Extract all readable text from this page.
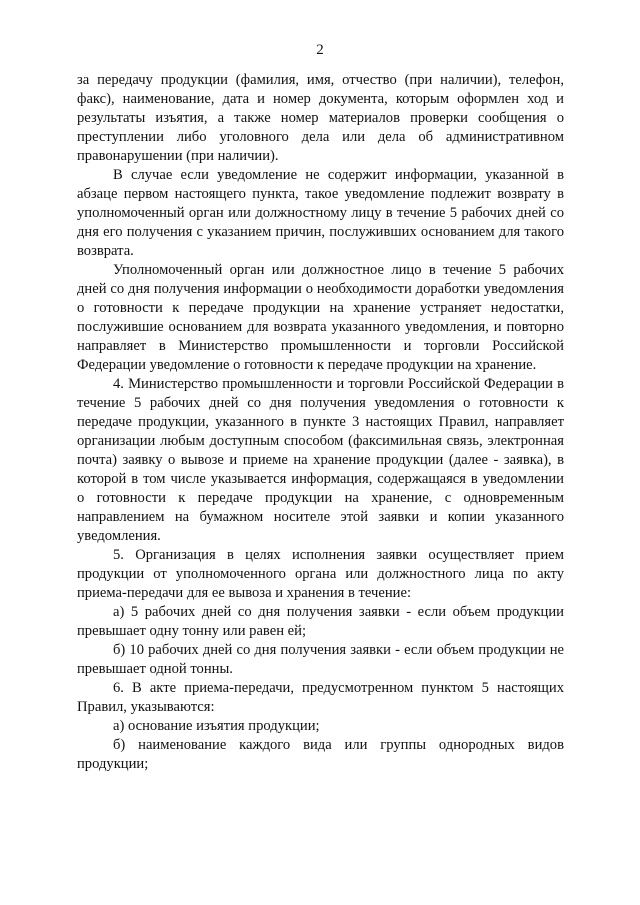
2

за передачу продукции (фамилия, имя, отчество (при наличии), телефон, факс), наименование, дата и номер документа, которым оформлен ход и результаты изъятия, а также номер материалов проверки сообщения о преступлении либо уголовного дела или дела об административном правонарушении (при наличии).

В случае если уведомление не содержит информации, указанной в абзаце первом настоящего пункта, такое уведомление подлежит возврату в уполномоченный орган или должностному лицу в течение 5 рабочих дней со дня его получения с указанием причин, послуживших основанием для такого возврата.

Уполномоченный орган или должностное лицо в течение 5 рабочих дней со дня получения информации о необходимости доработки уведомления о готовности к передаче продукции на хранение устраняет недостатки, послужившие основанием для возврата указанного уведомления, и повторно направляет в Министерство промышленности и торговли Российской Федерации уведомление о готовности к передаче продукции на хранение.

4. Министерство промышленности и торговли Российской Федерации в течение 5 рабочих дней со дня получения уведомления о готовности к передаче продукции, указанного в пункте 3 настоящих Правил, направляет организации любым доступным способом (факсимильная связь, электронная почта) заявку о вывозе и приеме на хранение продукции (далее - заявка), в которой в том числе указывается информация, содержащаяся в уведомлении о готовности к передаче продукции на хранение, с одновременным направлением на бумажном носителе этой заявки и копии указанного уведомления.

5. Организация в целях исполнения заявки осуществляет прием продукции от уполномоченного органа или должностного лица по акту приема-передачи для ее вывоза и хранения в течение:

а) 5 рабочих дней со дня получения заявки - если объем продукции превышает одну тонну или равен ей;

б) 10 рабочих дней со дня получения заявки - если объем продукции не превышает одной тонны.

6. В акте приема-передачи, предусмотренном пунктом 5 настоящих Правил, указываются:

а) основание изъятия продукции;

б) наименование каждого вида или группы однородных видов продукции;
